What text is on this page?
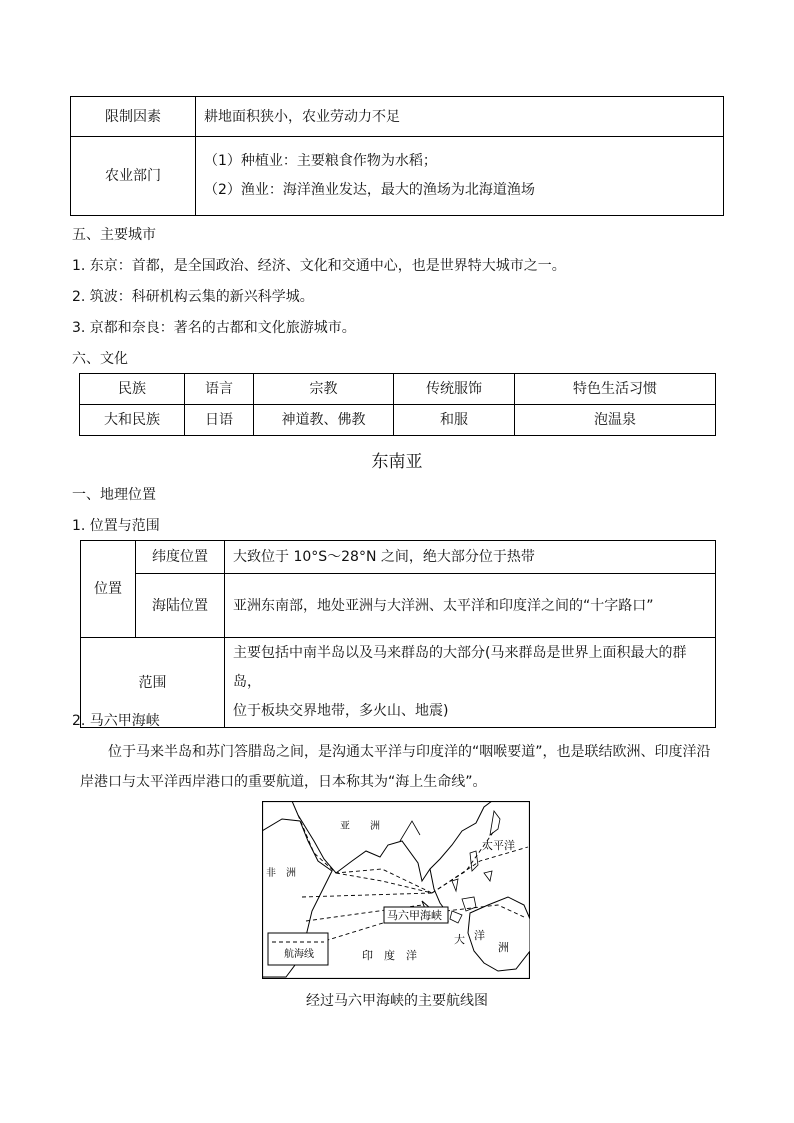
限制因素	耕地面积狭小，农业劳动力不足
农业部门	（1）种植业：主要粮食作物为水稻；
（2）渔业：海洋渔业发达，最大的渔场为北海道渔场
五、主要城市
1. 东京：首都，是全国政治、经济、文化和交通中心，也是世界特大城市之一。
2. 筑波：科研机构云集的新兴科学城。
3. 京都和奈良：著名的古都和文化旅游城市。
六、文化
民族	语言	宗教	传统服饰	特色生活习惯
大和民族	日语	神道教、佛教	和服	泡温泉
东南亚
一、地理位置
1. 位置与范围
位置	纬度位置	大致位于 10°S～28°N 之间，绝大部分位于热带
	海陆位置	亚洲东南部，地处亚洲与大洋洲、太平洋和印度洋之间的“十字路口”
范围		主要包括中南半岛以及马来群岛的大部分(马来群岛是世界上面积最大的群岛，
位于板块交界地带，多火山、地震)
2. 马六甲海峡
位于马来半岛和苏门答腊岛之间，是沟通太平洋与印度洋的“咽喉要道”，也是联结欧洲、印度洋沿岸港口与太平洋西岸港口的重要航道，日本称其为“海上生命线”。
亚　　洲
太平洋
非　洲
马六甲海峡
航海线	印　度　洋
大 洋
洲
经过马六甲海峡的主要航线图
